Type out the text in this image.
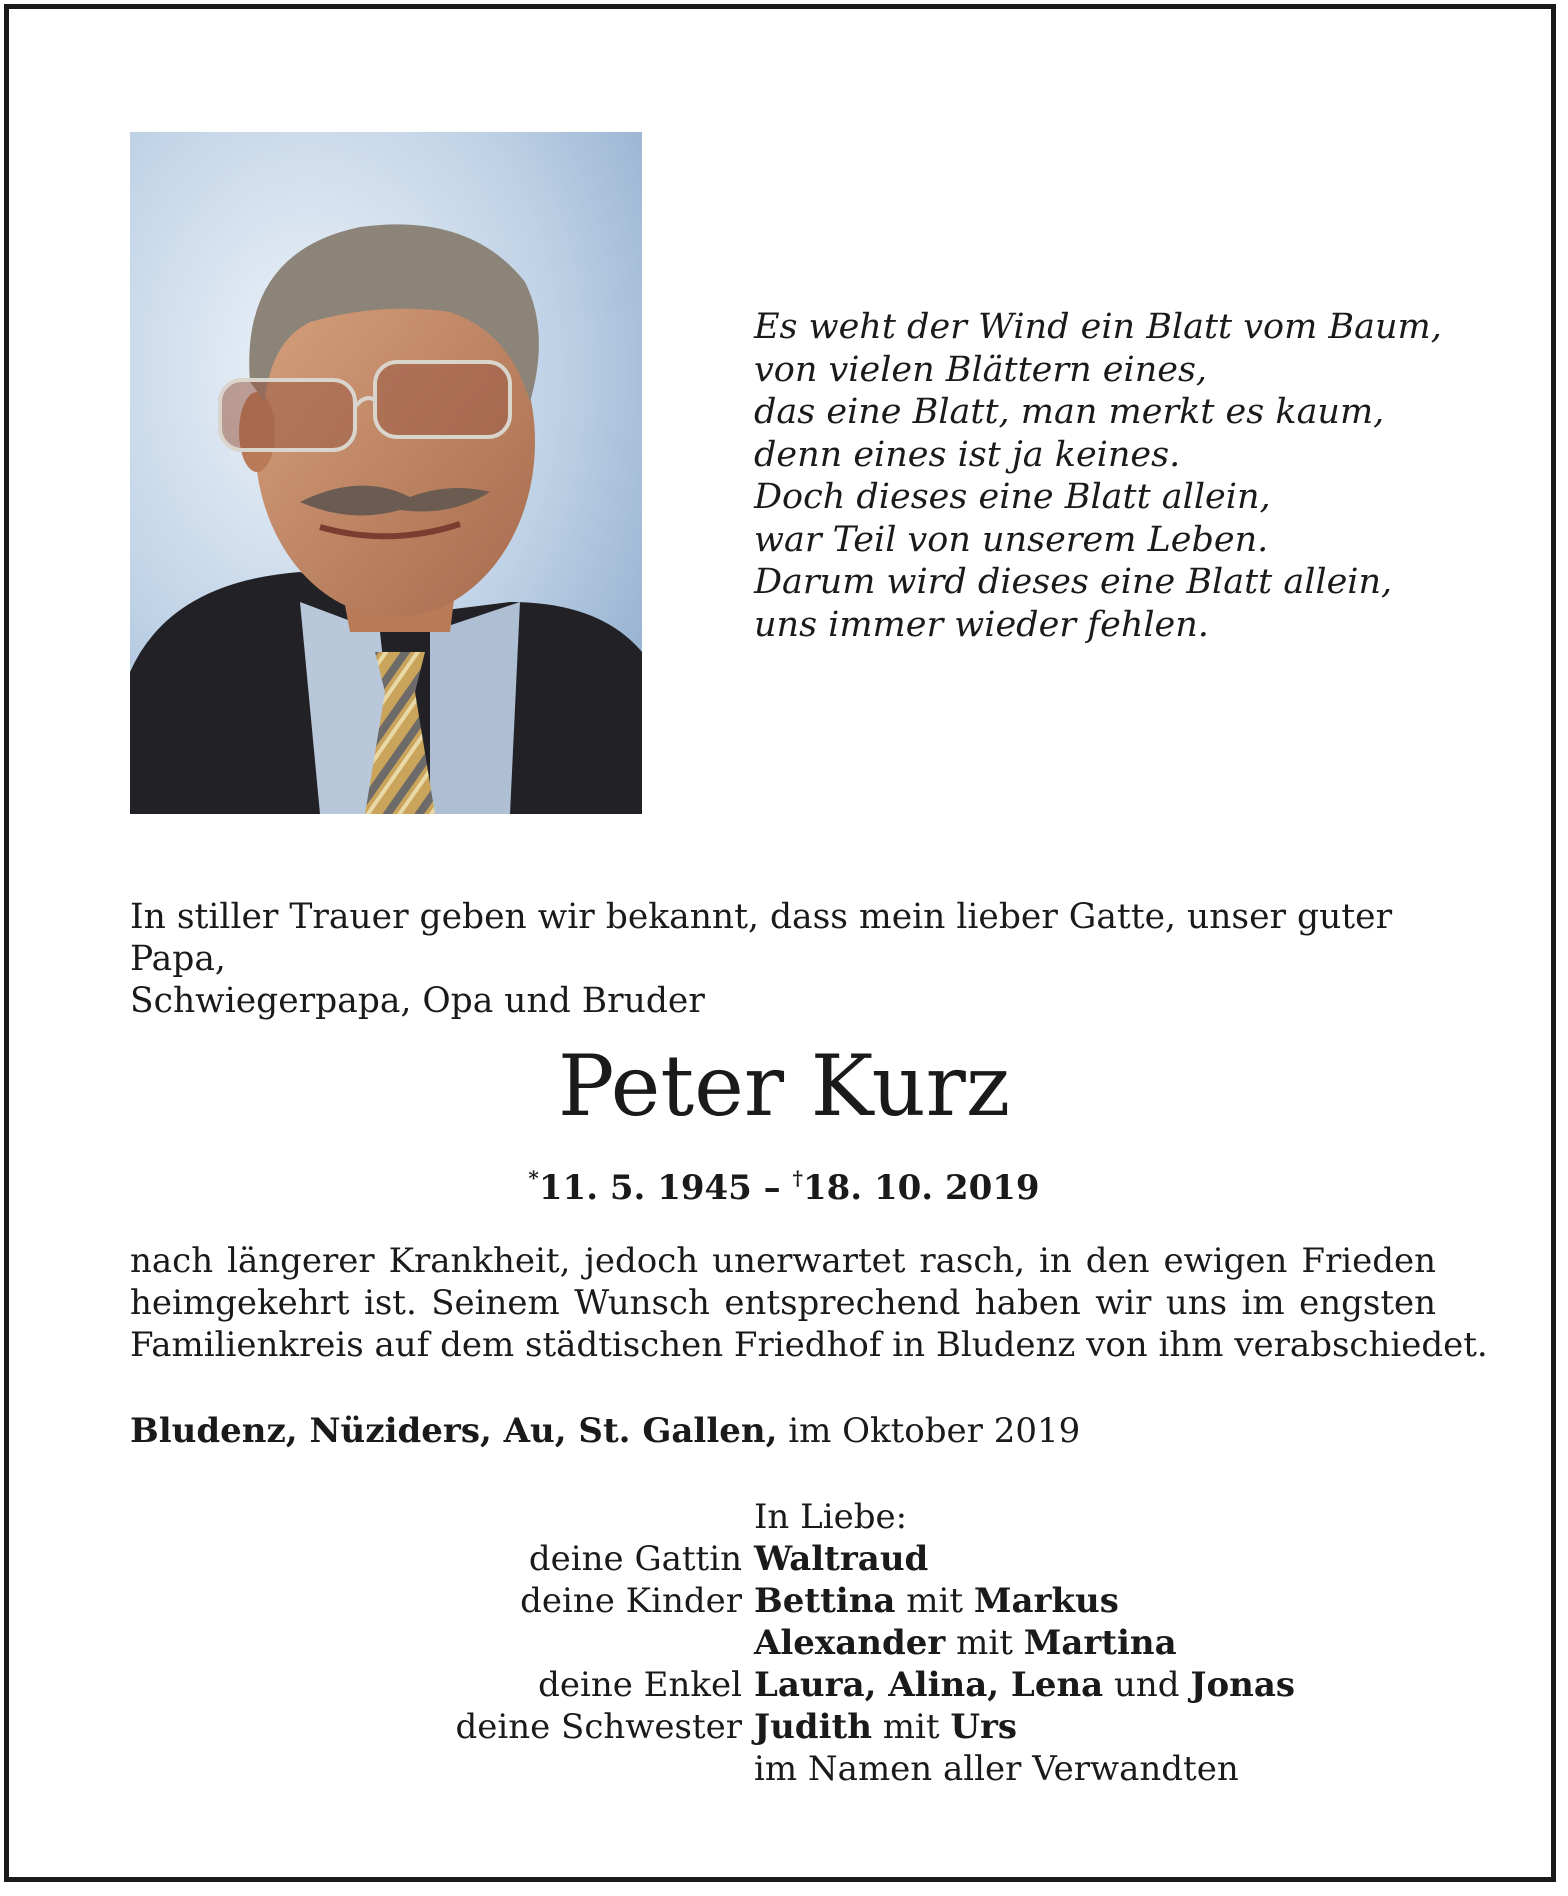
Es weht der Wind ein Blatt vom Baum,
von vielen Blättern eines,
das eine Blatt, man merkt es kaum,
denn eines ist ja keines.
Doch dieses eine Blatt allein,
war Teil von unserem Leben.
Darum wird dieses eine Blatt allein,
uns immer wieder fehlen.
In stiller Trauer geben wir bekannt, dass mein lieber Gatte, unser guter Papa,
Schwiegerpapa, Opa und Bruder
Peter Kurz
*11. 5. 1945 – †18. 10. 2019
nach längerer Krankheit, jedoch unerwartet rasch, in den ewigen Frieden
heimgekehrt ist. Seinem Wunsch entsprechend haben wir uns im engsten
Familienkreis auf dem städtischen Friedhof in Bludenz von ihm verabschiedet.
Bludenz, Nüziders, Au, St. Gallen, im Oktober 2019
In Liebe:
deine Gattin Waltraud
deine Kinder Bettina mit Markus
Alexander mit Martina
deine Enkel Laura, Alina, Lena und Jonas
deine Schwester Judith mit Urs
im Namen aller Verwandten
